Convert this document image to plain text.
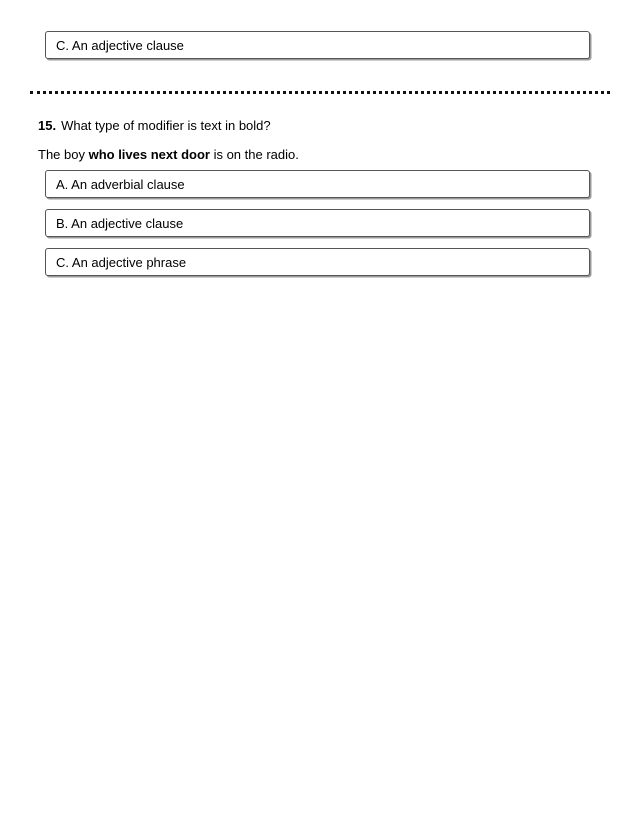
C. An adjective clause
15. What type of modifier is text in bold?
The boy who lives next door is on the radio.
A. An adverbial clause
B. An adjective clause
C. An adjective phrase
